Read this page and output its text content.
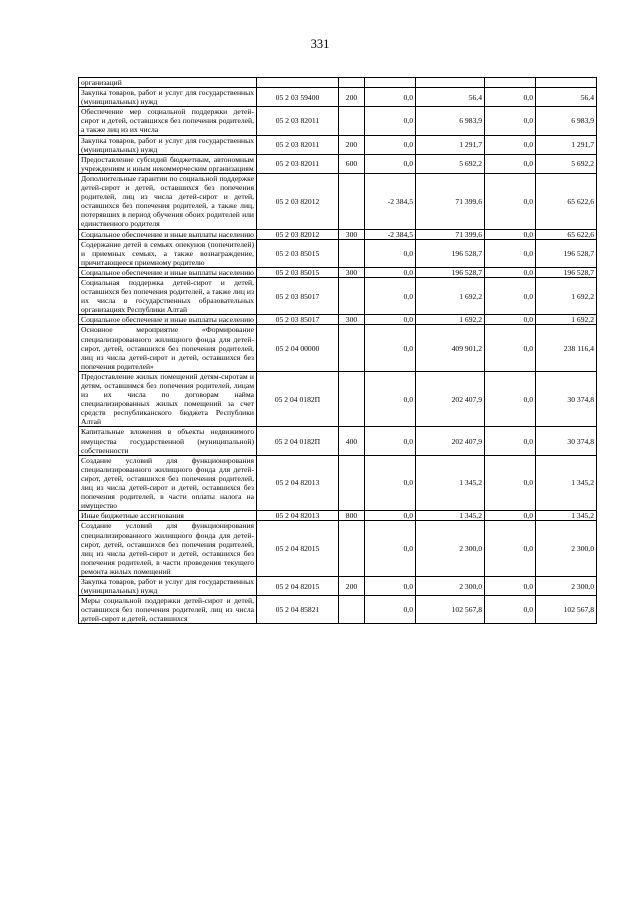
331
организаций						
Закупка товаров, работ и услуг для государственных (муниципальных) нужд	05 2 03 59400	200	0,0	56,4	0,0	56,4
Обеспечение мер социальной поддержки детей-сирот и детей, оставшихся без попечения родителей, а также лиц из их числа	05 2 03 82011		0,0	6 983,9	0,0	6 983,9
Закупка товаров, работ и услуг для государственных (муниципальных) нужд	05 2 03 82011	200	0,0	1 291,7	0,0	1 291,7
Предоставление субсидий бюджетным, автономным учреждениям и иным некоммерческим организациям	05 2 03 82011	600	0,0	5 692,2	0,0	5 692,2
Дополнительные гарантии по социальной поддержке детей-сирот и детей, оставшихся без попечения родителей, лиц из числа детей-сирот и детей, оставшихся без попечения родителей, а также лиц, потерявших в период обучения обоих родителей или единственного родителя	05 2 03 82012		-2 384,5	71 399,6	0,0	65 622,6
Социальное обеспечение и иные выплаты населению	05 2 03 82012	300	-2 384,5	71 399,6	0,0	65 622,6
Содержание детей в семьях опекунов (попечителей) и приемных семьях, а также вознаграждение, причитающееся приемному родителю	05 2 03 85015		0,0	196 528,7	0,0	196 528,7
Социальное обеспечение и иные выплаты населению	05 2 03 85015	300	0,0	196 528,7	0,0	196 528,7
Социальная поддержка детей-сирот и детей, оставшихся без попечения родителей, а также лиц из их числа в государственных образовательных организациях Республики Алтай	05 2 03 85017		0,0	1 692,2	0,0	1 692,2
Социальное обеспечение и иные выплаты населению	05 2 03 85017	300	0,0	1 692,2	0,0	1 692,2
Основное мероприятие «Формирование специализированного жилищного фонда для детей-сирот, детей, оставшихся без попечения родителей, лиц из числа детей-сирот и детей, оставшихся без попечения родителей»	05 2 04 00000		0,0	409 901,2	0,0	238 116,4
Предоставление жилых помещений детям-сиротам и детям, оставшимся без попечения родителей, лицам из их числа по договорам найма специализированных жилых помещений за счет средств республиканского бюджета Республики Алтай	05 2 04 0182П		0,0	202 407,9	0,0	30 374,8
Капитальные вложения в объекты недвижимого имущества государственной (муниципальной) собственности	05 2 04 0182П	400	0,0	202 407,9	0,0	30 374,8
Создание условий для функционирования специализированного жилищного фонда для детей-сирот, детей, оставшихся без попечения родителей, лиц из числа детей-сирот и детей, оставшихся без попечения родителей, в части оплаты налога на имущество	05 2 04 82013		0,0	1 345,2	0,0	1 345,2
Иные бюджетные ассигнования	05 2 04 82013	800	0,0	1 345,2	0,0	1 345,2
Создание условий для функционирования специализированного жилищного фонда для детей-сирот, детей, оставшихся без попечения родителей, лиц из числа детей-сирот и детей, оставшихся без попечения родителей, в части проведения текущего ремонта жилых помещений	05 2 04 82015		0,0	2 300,0	0,0	2 300,0
Закупка товаров, работ и услуг для государственных (муниципальных) нужд	05 2 04 82015	200	0,0	2 300,0	0,0	2 300,0
Меры социальной поддержки детей-сирот и детей, оставшихся без попечения родителей, лиц из числа детей-сирот и детей, оставшихся	05 2 04 85821		0,0	102 567,8	0,0	102 567,8
